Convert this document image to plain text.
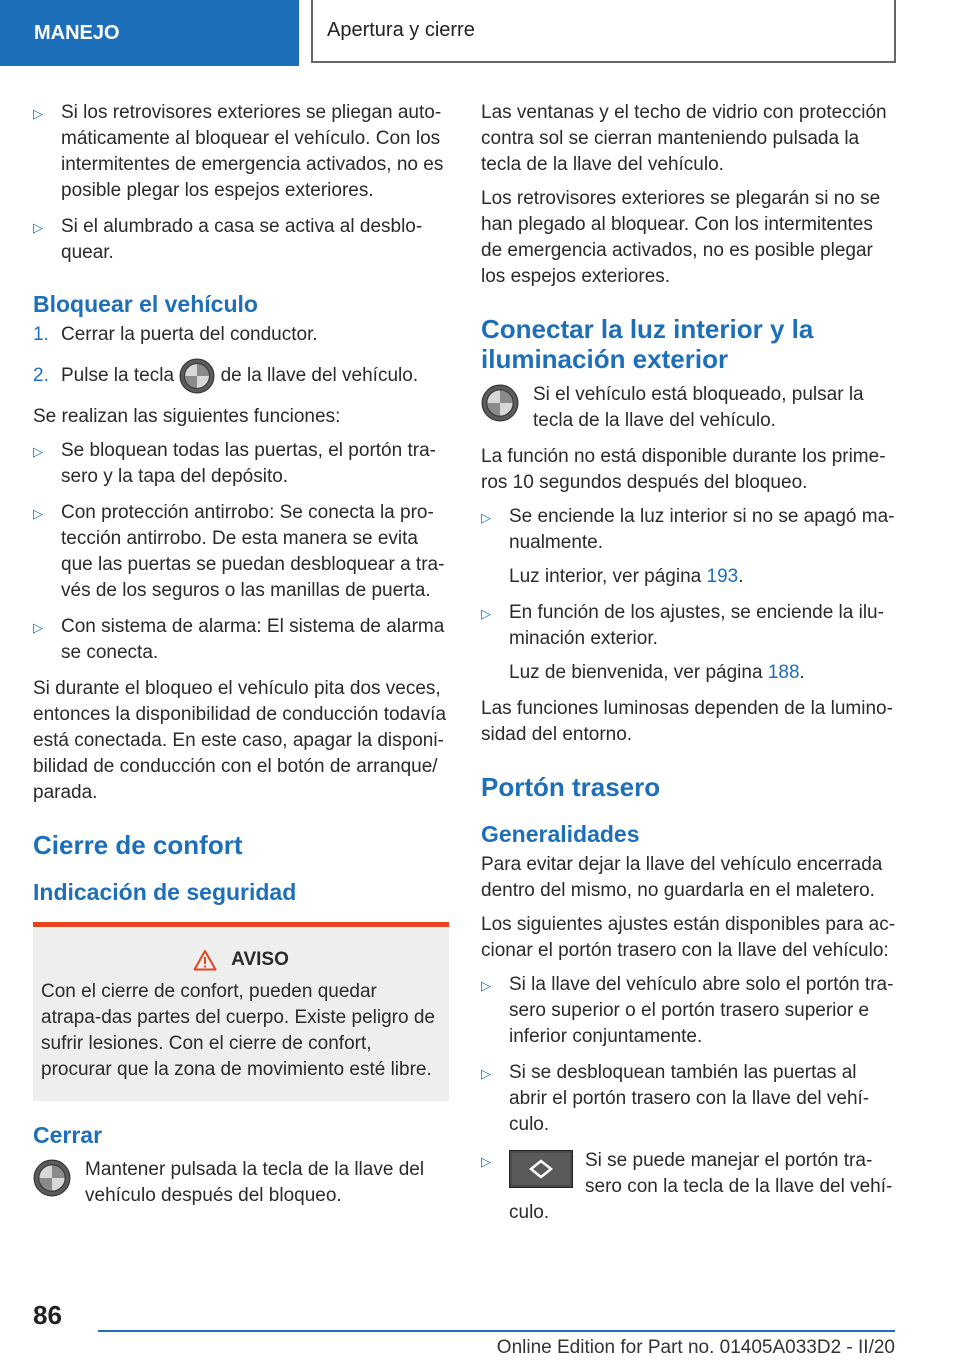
MANEJO	Apertura y cierre
▷ Si los retrovisores exteriores se pliegan auto-máticamente al bloquear el vehículo. Con los intermitentes de emergencia activados, no es posible plegar los espejos exteriores.
▷ Si el alumbrado a casa se activa al desblo-quear.
Bloquear el vehículo
1. Cerrar la puerta del conductor.
2. Pulse la tecla de la llave del vehículo.
Se realizan las siguientes funciones:
▷ Se bloquean todas las puertas, el portón tra-sero y la tapa del depósito.
▷ Con protección antirrobo: Se conecta la pro-tección antirrobo. De esta manera se evita que las puertas se puedan desbloquear a tra-vés de los seguros o las manillas de puerta.
▷ Con sistema de alarma: El sistema de alarma se conecta.
Si durante el bloqueo el vehículo pita dos veces, entonces la disponibilidad de conducción todavía está conectada. En este caso, apagar la disponi-bilidad de conducción con el botón de arranque/ parada.
Cierre de confort
Indicación de seguridad
AVISO
Con el cierre de confort, pueden quedar atrapa-das partes del cuerpo. Existe peligro de sufrir lesiones. Con el cierre de confort, procurar que la zona de movimiento esté libre.
Cerrar
Mantener pulsada la tecla de la llave del vehículo después del bloqueo.
Las ventanas y el techo de vidrio con protección contra sol se cierran manteniendo pulsada la tecla de la llave del vehículo.
Los retrovisores exteriores se plegarán si no se han plegado al bloquear. Con los intermitentes de emergencia activados, no es posible plegar los espejos exteriores.
Conectar la luz interior y la iluminación exterior
Si el vehículo está bloqueado, pulsar la tecla de la llave del vehículo.
La función no está disponible durante los prime-ros 10 segundos después del bloqueo.
▷ Se enciende la luz interior si no se apagó ma-nualmente.
Luz interior, ver página 193.
▷ En función de los ajustes, se enciende la ilu-minación exterior.
Luz de bienvenida, ver página 188.
Las funciones luminosas dependen de la lumino-sidad del entorno.
Portón trasero
Generalidades
Para evitar dejar la llave del vehículo encerrada dentro del mismo, no guardarla en el maletero.
Los siguientes ajustes están disponibles para ac-cionar el portón trasero con la llave del vehículo:
▷ Si la llave del vehículo abre solo el portón tra-sero superior o el portón trasero superior e inferior conjuntamente.
▷ Si se desbloquean también las puertas al abrir el portón trasero con la llave del vehí-culo.
▷	Si se puede manejar el portón tra-sero con la tecla de la llave del vehí-culo.
86
Online Edition for Part no. 01405A033D2 - II/20
